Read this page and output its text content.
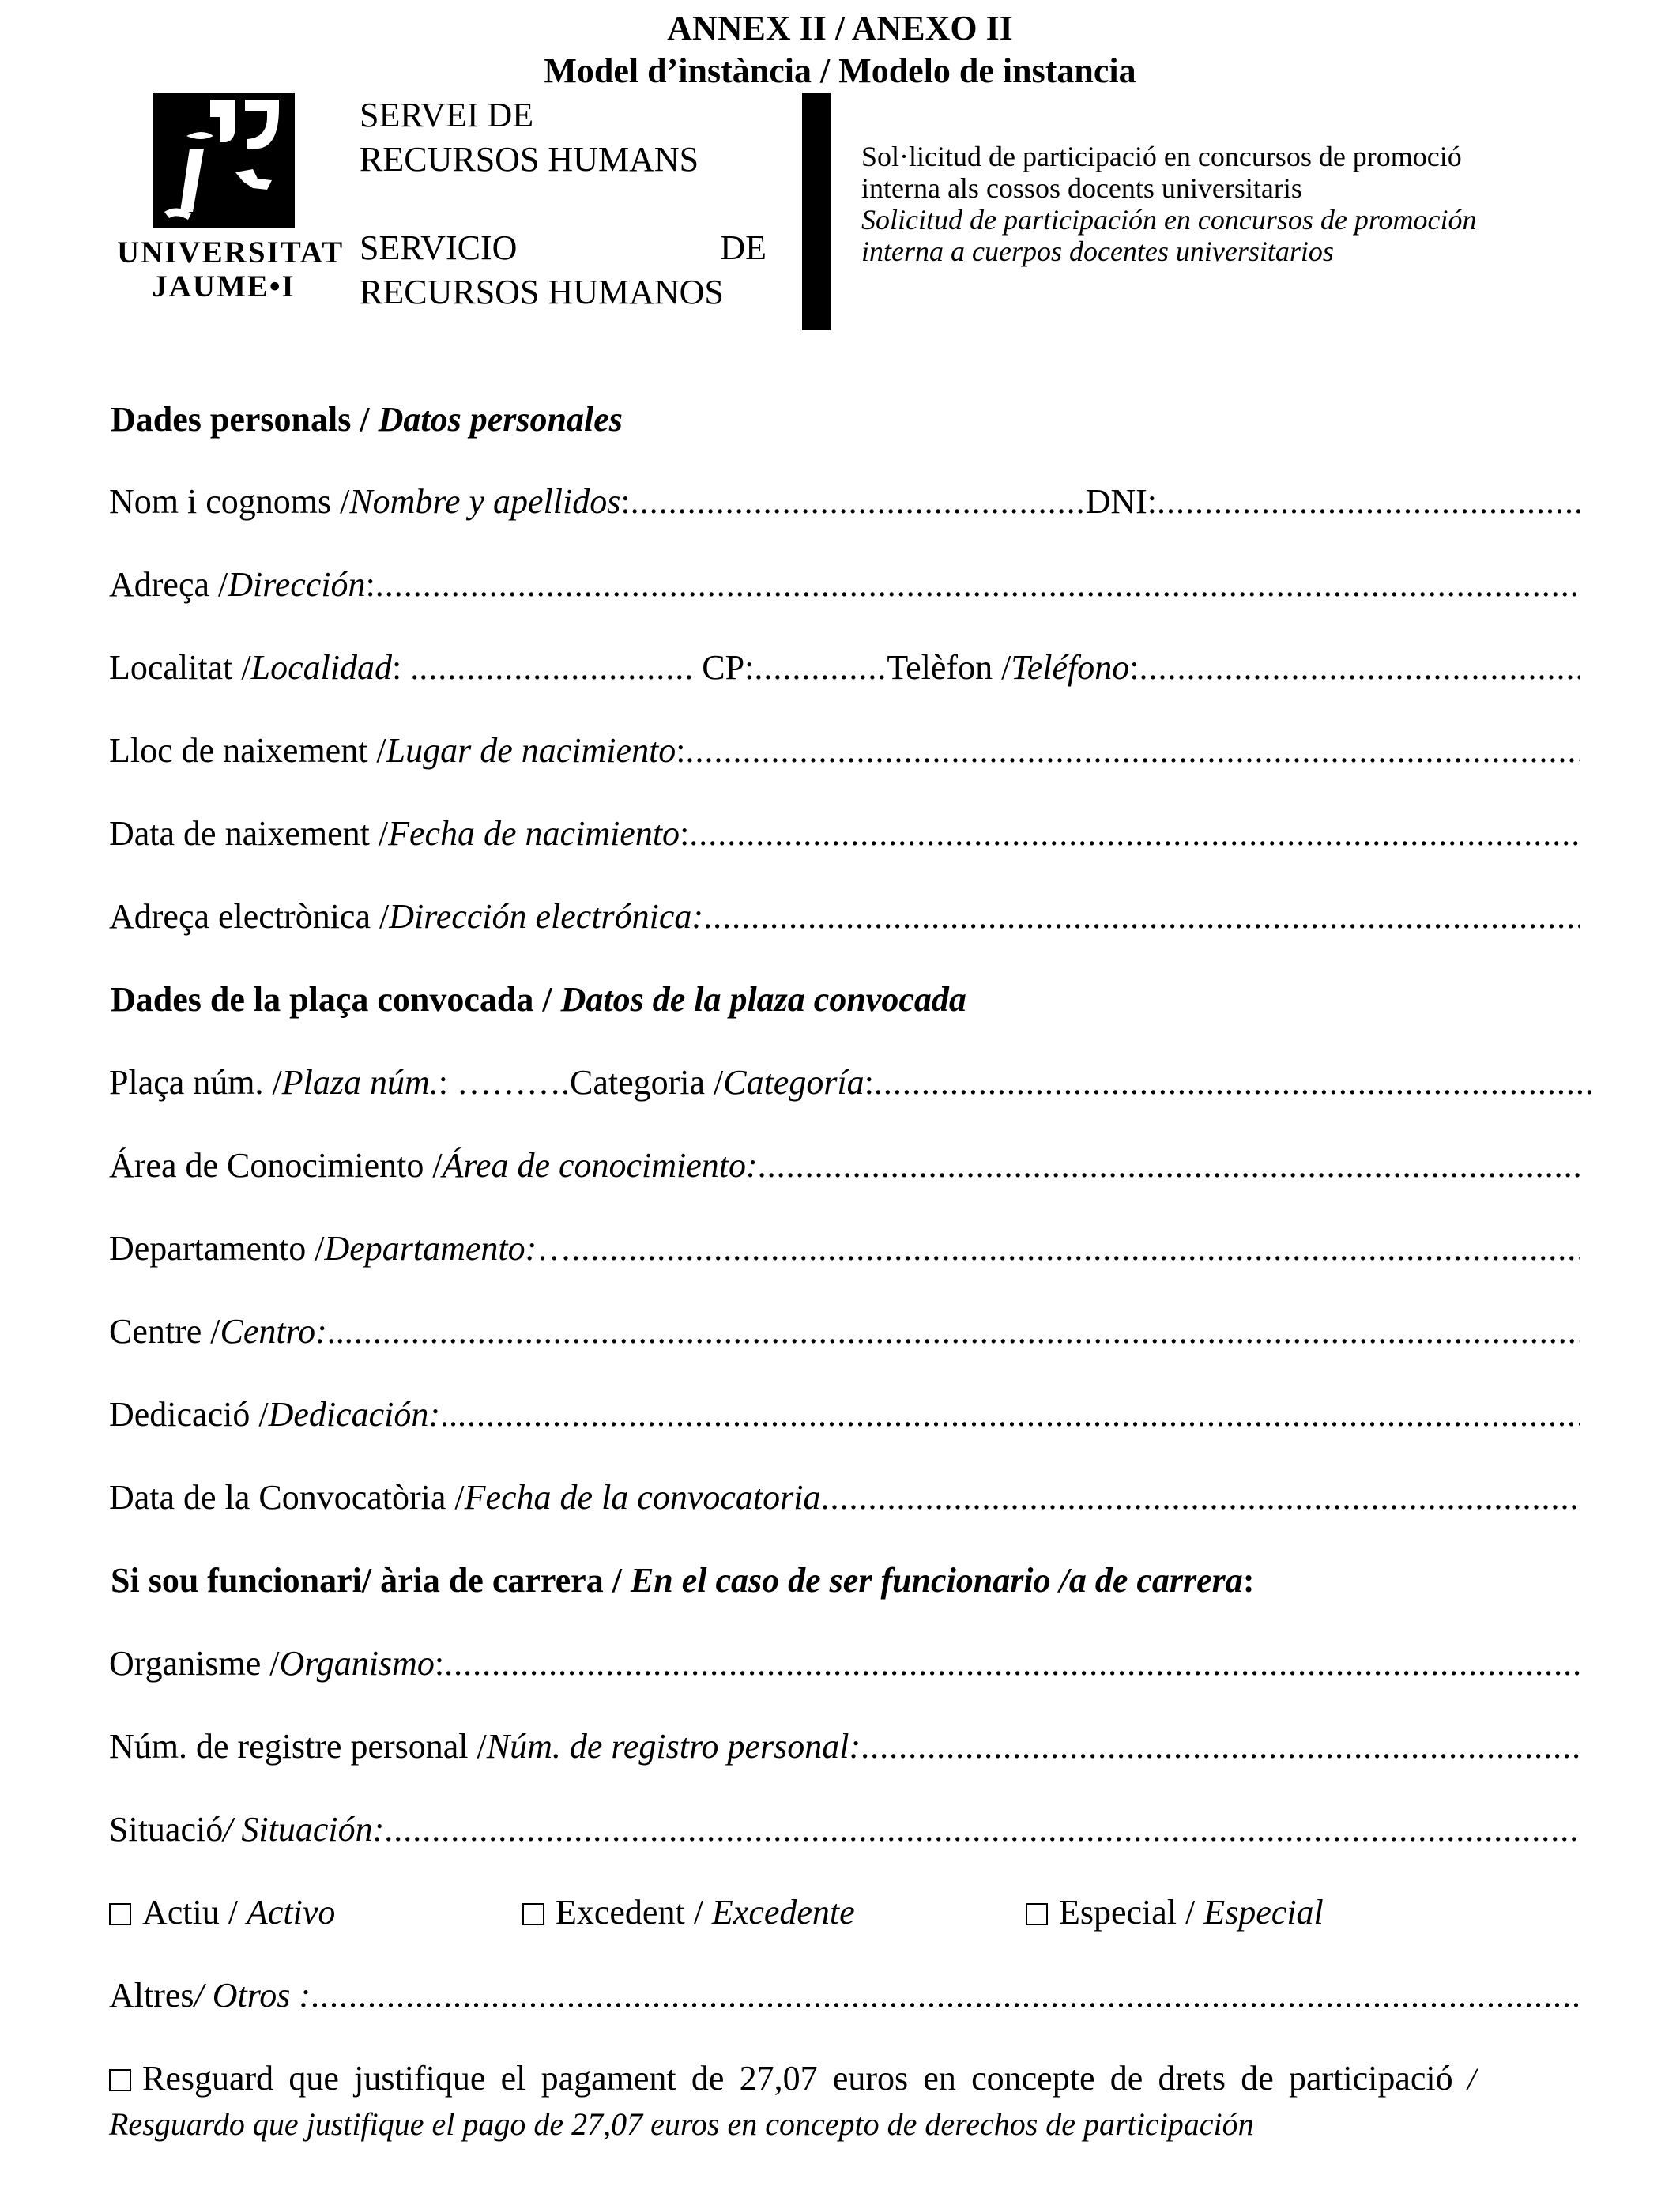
ANNEX II / ANEXO II
Model d’instància / Modelo de instancia
UNIVERSITAT
JAUME•I
SERVEI DE
RECURSOS HUMANS
SERVICIO	DE
RECURSOS HUMANOS
Sol·licitud de participació en concursos de promoció
interna als cossos docents universitaris
Solicitud de participación en concursos de promoción
interna a cuerpos docentes universitarios
Dades personals / Datos personales
Nom i cognoms / Nombre y apellidos : ................................................ DNI:
.....
Adreça / Dirección :
.....
Localitat / Localidad : . ............................ . CP: .............. Telèfon / Teléfono :
.....
Lloc de naixement / Lugar de nacimiento :
.....
Data de naixement / Fecha de nacimiento :
.....
Adreça electrònica / Dirección electrónica:
.....
Dades de la plaça convocada / Datos de la plaza convocada
Plaça núm. / Plaza núm. : ………. Categoria / Categoría :
.....
Área de Conocimiento / Área de conocimiento:
.....
Departamento / Departamento: …
.....
Centre / Centro: ..
.....
Dedicació / Dedicación: ..
.....
Data de la Convocatòria / Fecha de la convocatoria
.....
Si sou funcionari/ ària de carrera / En el caso de ser funcionario /a de carrera:
Organisme / Organismo :
.....
Núm. de registre personal / Núm. de registro personal:
.....
Situació / Situación:
.....
Actiu / Activo	Excedent / Excedente	Especial / Especial
Altres / Otros :
.....
Resguard que justifique el pagament de 27,07 euros en concepte de drets de participació / Resguardo que justifique el pago de 27,07 euros en concepto de derechos de participación
